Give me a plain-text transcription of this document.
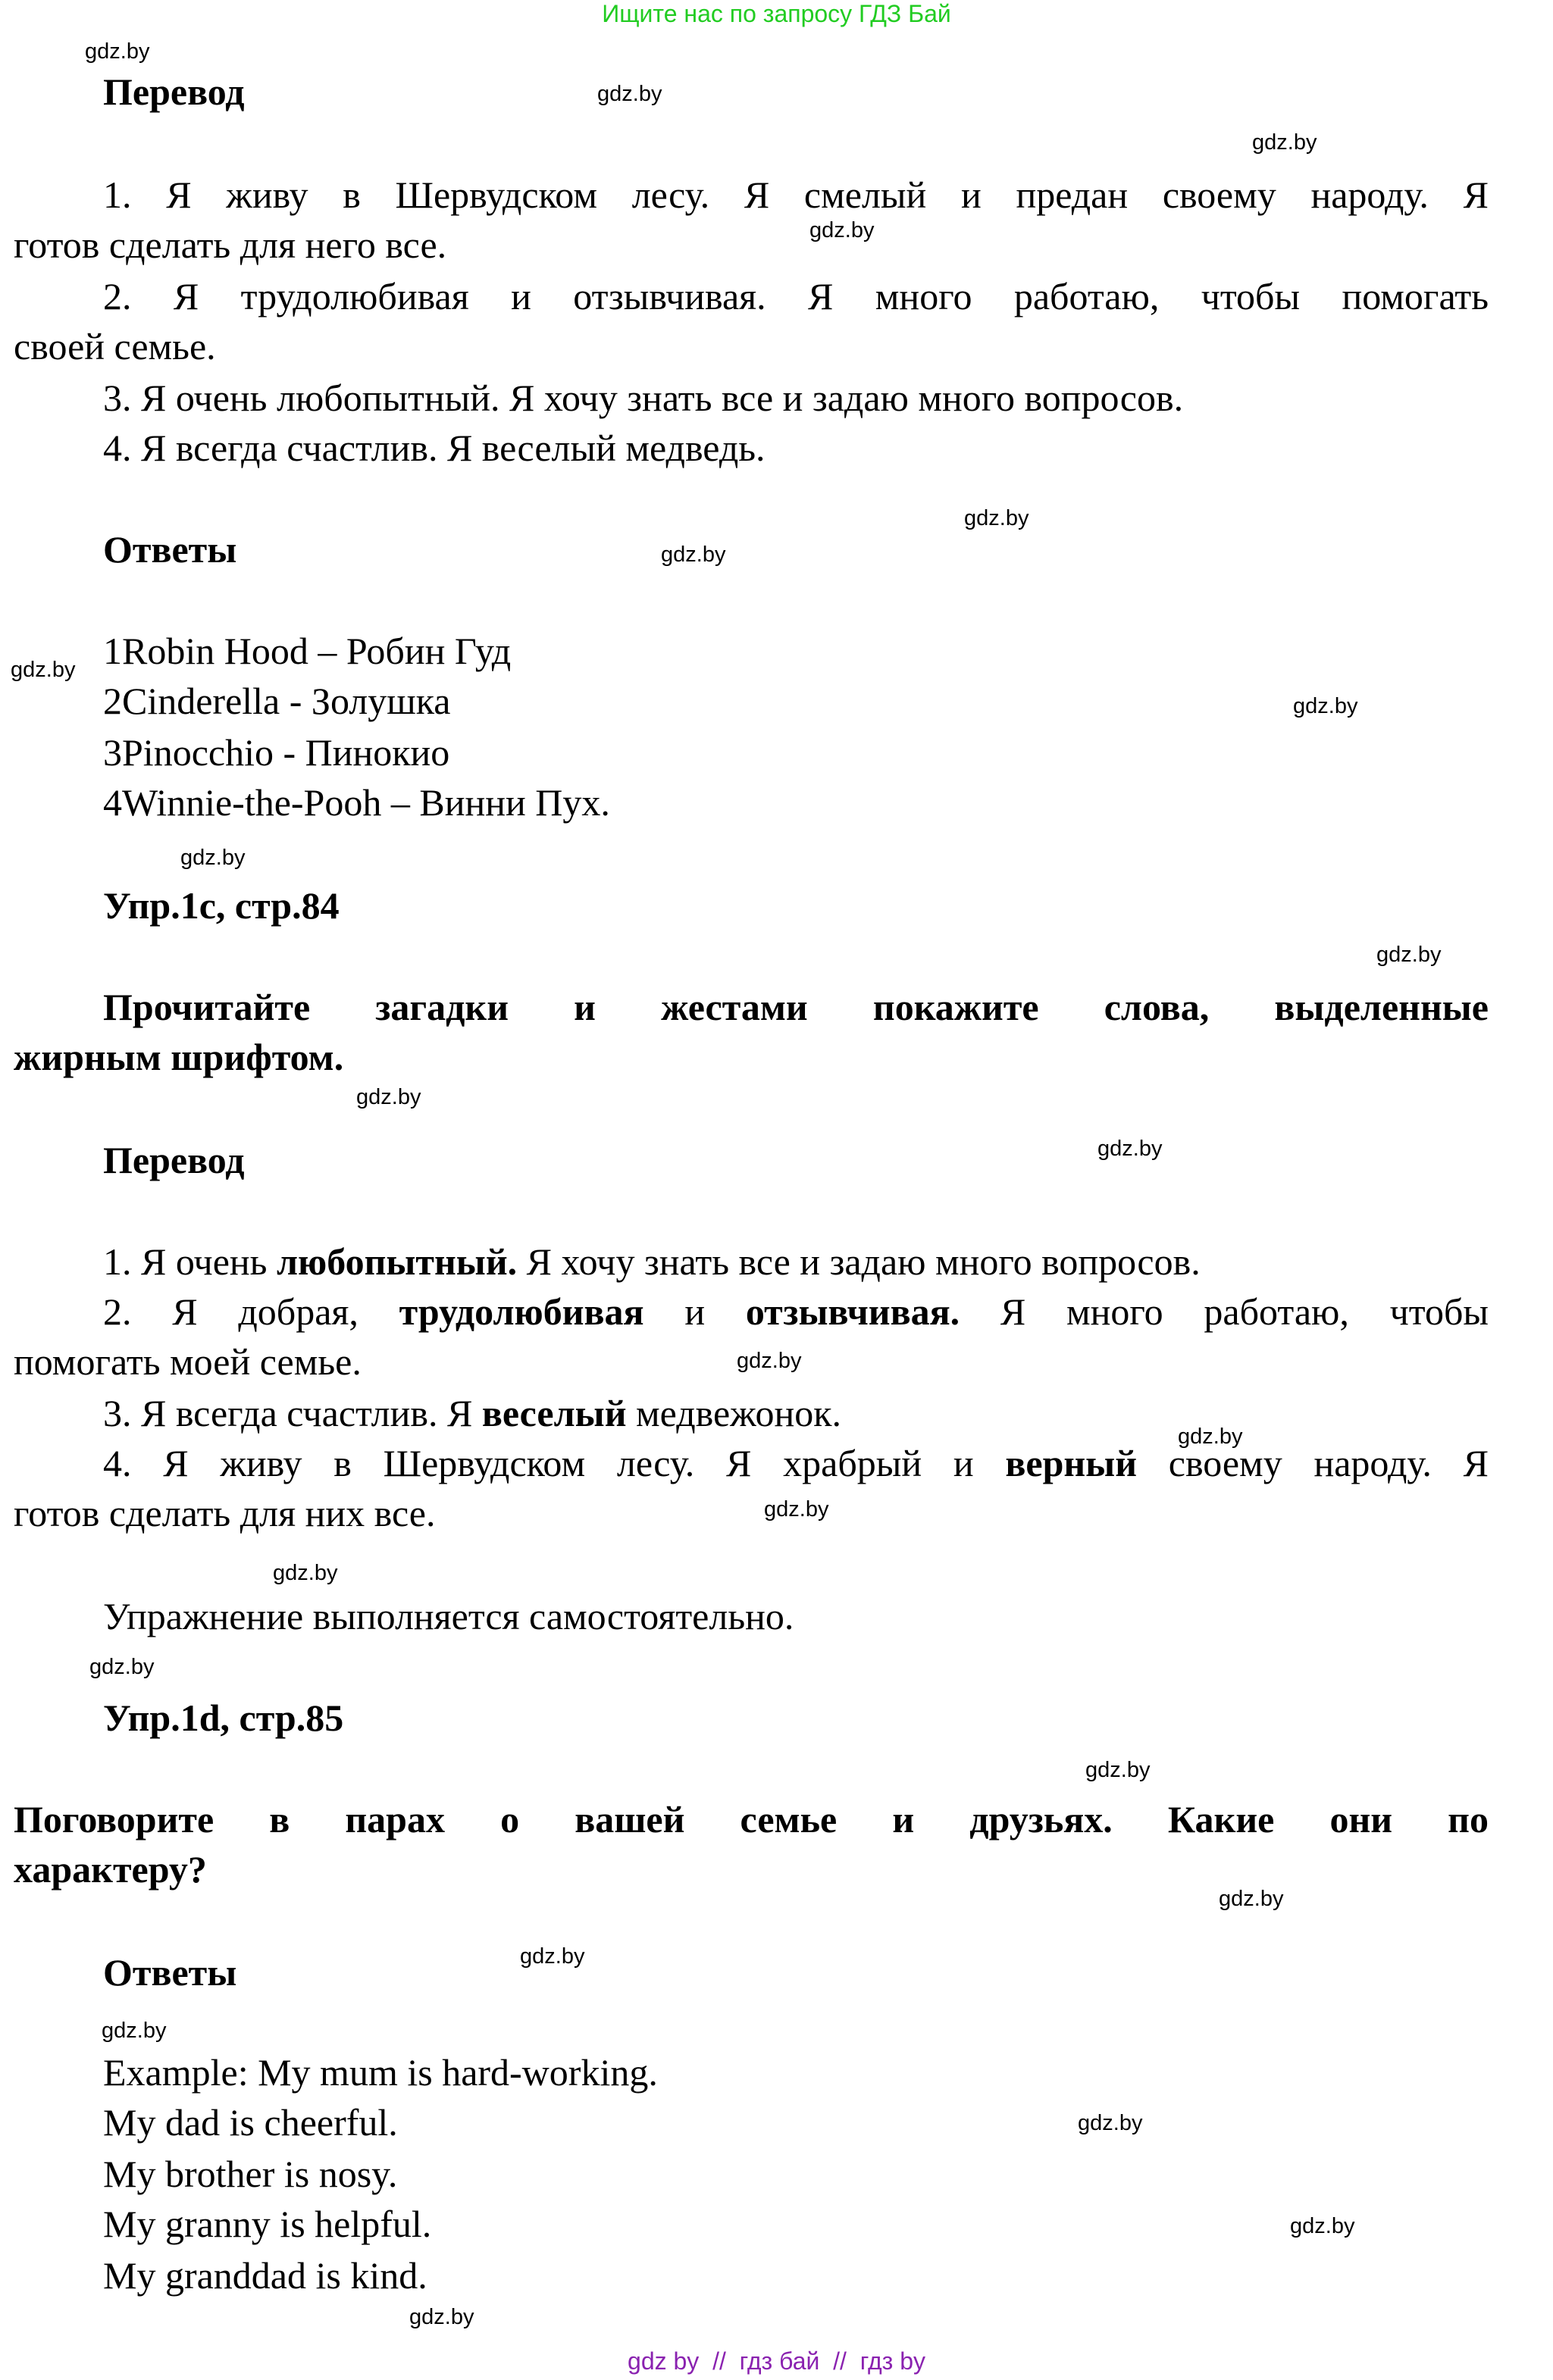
Ищите нас по запросу ГДЗ Бай
gdz.by
gdz.by
gdz.by
gdz.by
gdz.by
gdz.by
gdz.by
gdz.by
gdz.by
gdz.by
gdz.by
gdz.by
gdz.by
gdz.by
gdz.by
gdz.by
gdz.by
gdz.by
gdz.by
gdz.by
gdz.by
gdz.by
gdz.by
gdz.by
Перевод
1. Я живу в Шервудском лесу. Я смелый и предан своему народу. Я
готов сделать для него все.
2. Я трудолюбивая и отзывчивая. Я много работаю, чтобы помогать
своей семье.
3. Я очень любопытный. Я хочу знать все и задаю много вопросов.
4. Я всегда счастлив. Я веселый медведь.
Ответы
1Robin Hood – Робин Гуд
2Cinderella - Золушка
3Pinocchio - Пинокио
4Winnie-the-Pooh – Винни Пух.
Упр.1с, стр.84
Прочитайте загадки и жестами покажите слова, выделенные
жирным шрифтом.
Перевод
1. Я очень любопытный. Я хочу знать все и задаю много вопросов.
2. Я добрая, трудолюбивая и отзывчивая. Я много работаю, чтобы
помогать моей семье.
3. Я всегда счастлив. Я веселый медвежонок.
4. Я живу в Шервудском лесу. Я храбрый и верный своему народу. Я
готов сделать для них все.
Упражнение выполняется самостоятельно.
Упр.1d, стр.85
Поговорите в парах о вашей семье и друзьях. Какие они по
характеру?
Ответы
Example: My mum is hard-working.
My dad is cheerful.
My brother is nosy.
My granny is helpful.
My granddad is kind.
gdz by  //  гдз бай  //  гдз by
